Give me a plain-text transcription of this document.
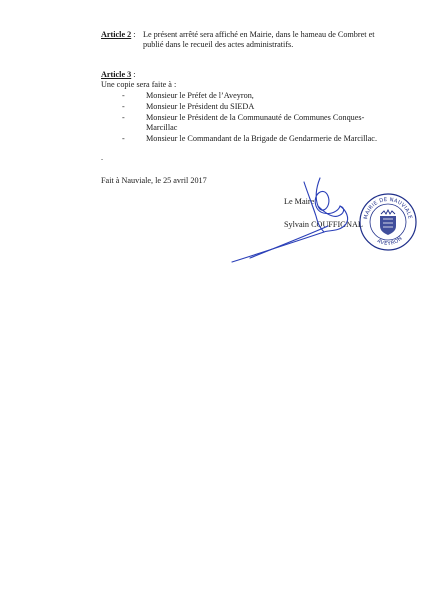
Article 2 : Le présent arrêté sera affiché en Mairie, dans le hameau de Combret et
publié dans le recueil des actes administratifs.
Article 3 :
Une copie sera faite à :
-	Monsieur le Préfet de l’Aveyron,
-	Monsieur le Président du SIEDA
-	Monsieur le Président de la Communauté de Communes Conques-
Marcillac
-	Monsieur le Commandant de la Brigade de Gendarmerie de Marcillac.
.
Fait à Nauviale, le 25 avril 2017
Le Maire
Sylvain COUFFIGNAL
MAIRIE DE NAUVIALE
AVEYRON
